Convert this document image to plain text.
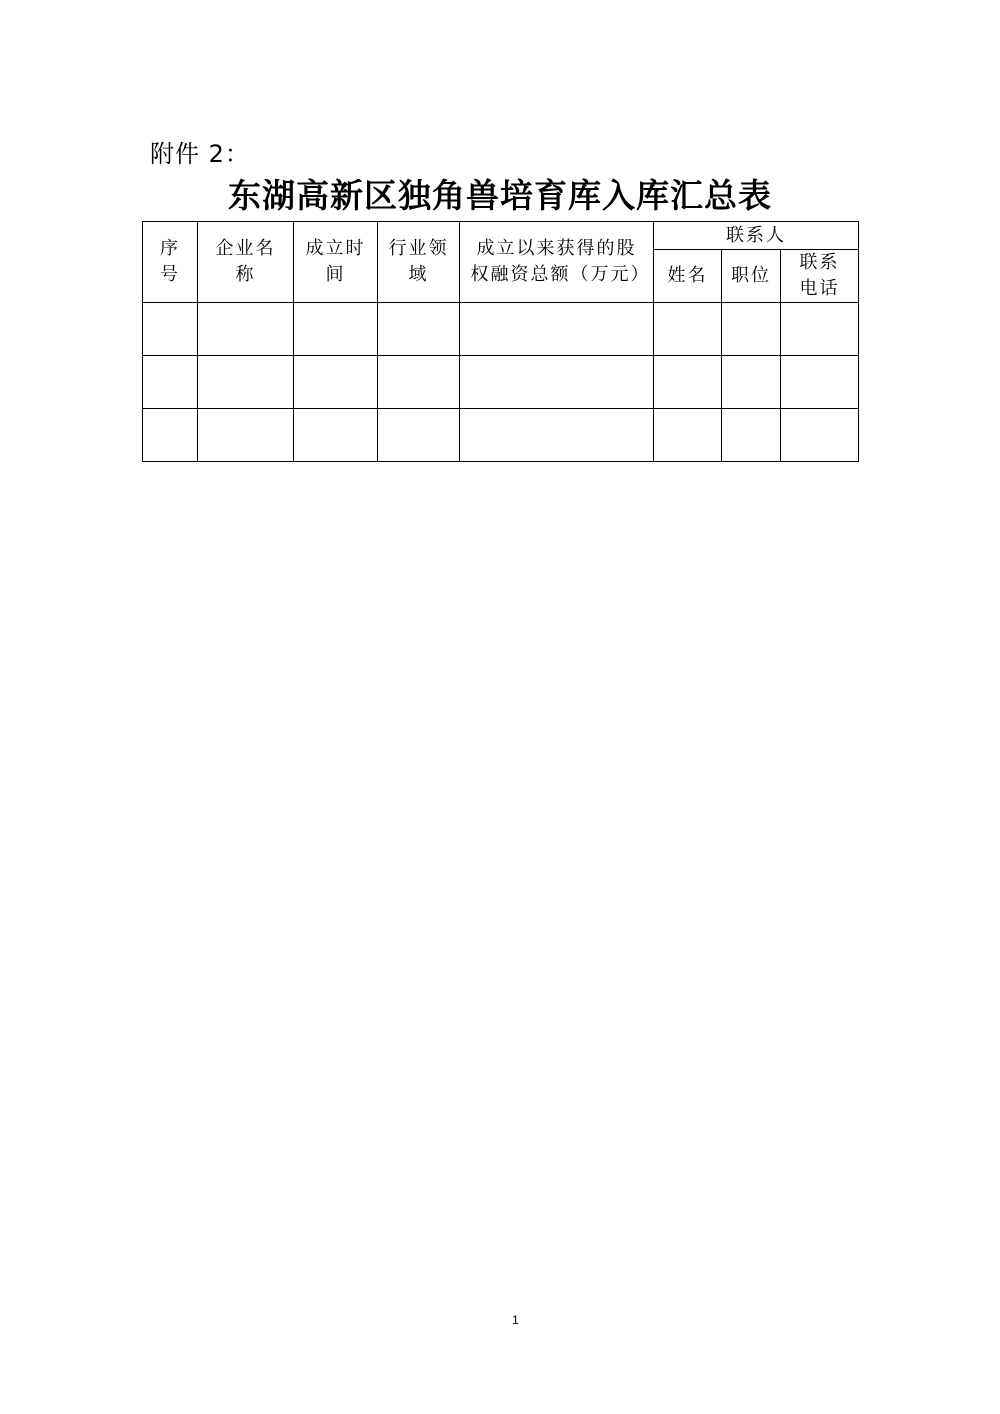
附件 2：
东湖高新区独角兽培育库入库汇总表
序号	企业名称	成立时间	行业领域	成立以来获得的股权融资总额（万元）	联系人		
					姓名	职位	联系电话

1
